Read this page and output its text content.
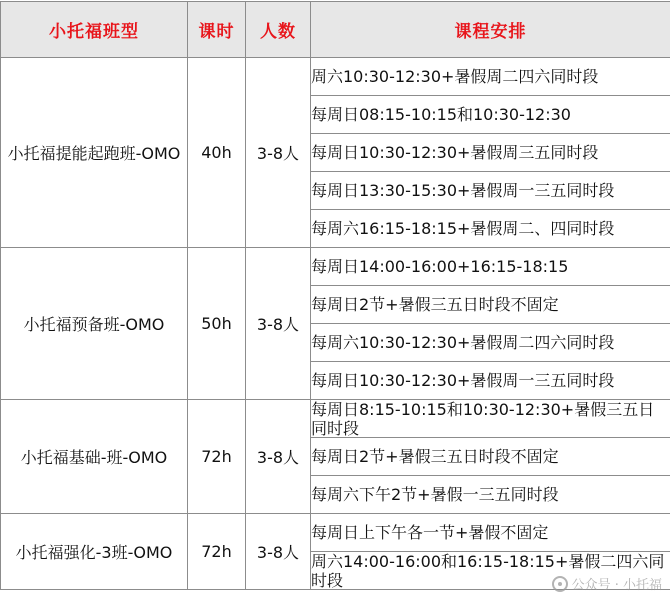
小托福班型	课时	人数	课程安排
小托福提能起跑班-OMO	40h	3-8人	周六10:30-12:30+暑假周二四六同时段

			每周日08:15-10:15和10:30-12:30

			每周日10:30-12:30+暑假周三五同时段

			每周日13:30-15:30+暑假周一三五同时段

			每周六16:15-18:15+暑假周二、四同时段

小托福预备班-OMO	50h	3-8人	每周日14:00-16:00+16:15-18:15

			每周日2节+暑假三五日时段不固定

			每周六10:30-12:30+暑假周二四六同时段

			每周日10:30-12:30+暑假周一三五同时段

小托福基础-班-OMO	72h	3-8人	每周日8:15-10:15和10:30-12:30+暑假三五日同时段

			每周日2节+暑假三五日时段不固定

			每周六下午2节+暑假一三五同时段

小托福强化-3班-OMO	72h	3-8人	每周日上下午各一节+暑假不固定

			周六14:00-16:00和16:15-18:15+暑假二四六同时段	公众号 · 小托福
